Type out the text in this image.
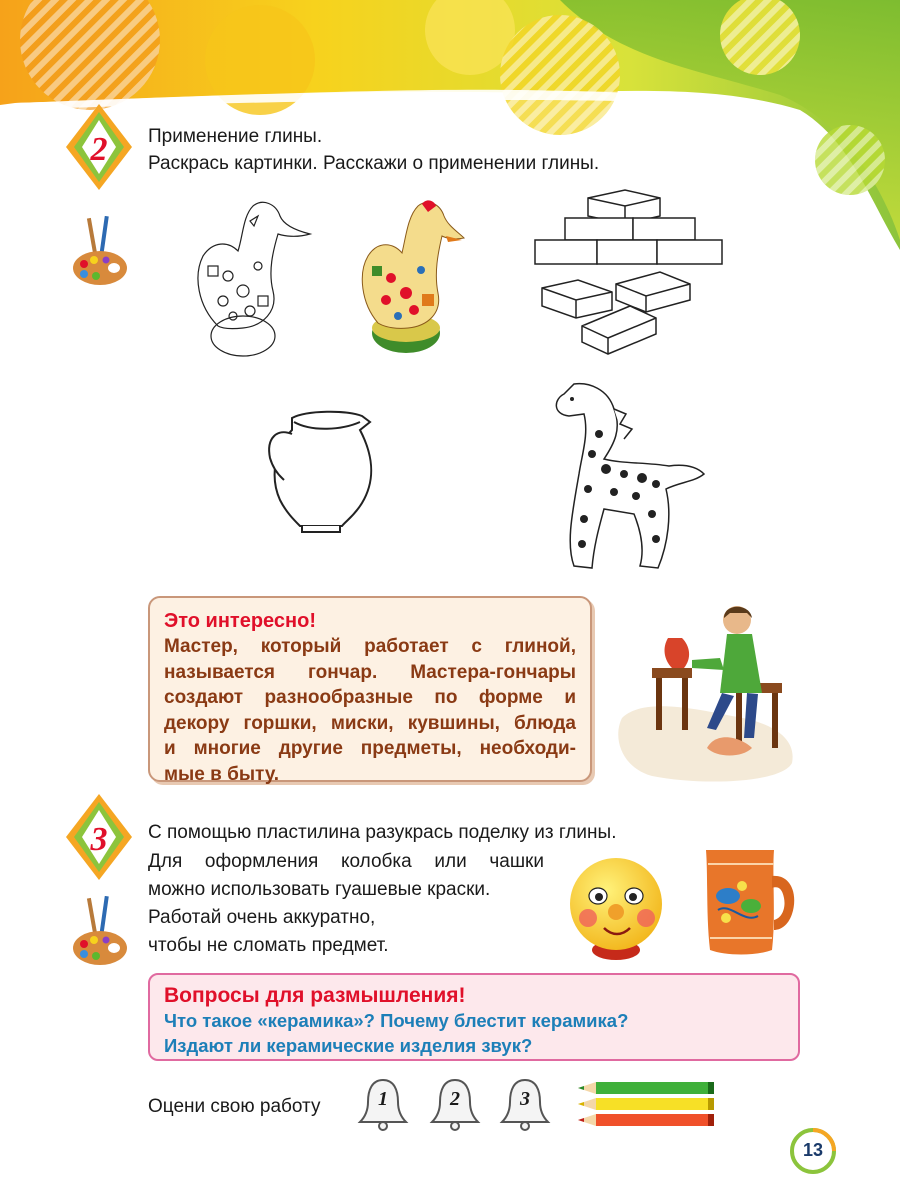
2 Применение глины.
Раскрась картинки. Расскажи о применении глины.
Это интересно!
Мастер, который работает с глиной,
называется гончар. Мастера-гончары
создают разнообразные по форме и
декору горшки, миски, кувшины, блюда
и многие другие предметы, необходи-
мые в быту.
3 С помощью пластилина разукрась поделку из глины.
Для оформления колобка или чашки
можно использовать гуашевые краски.
Работай очень аккуратно,
чтобы не сломать предмет.
Вопросы для размышления!
Что такое «керамика»? Почему блестит керамика?
Издают ли керамические изделия звук?
Оцени свою работу	1	2	3
13
